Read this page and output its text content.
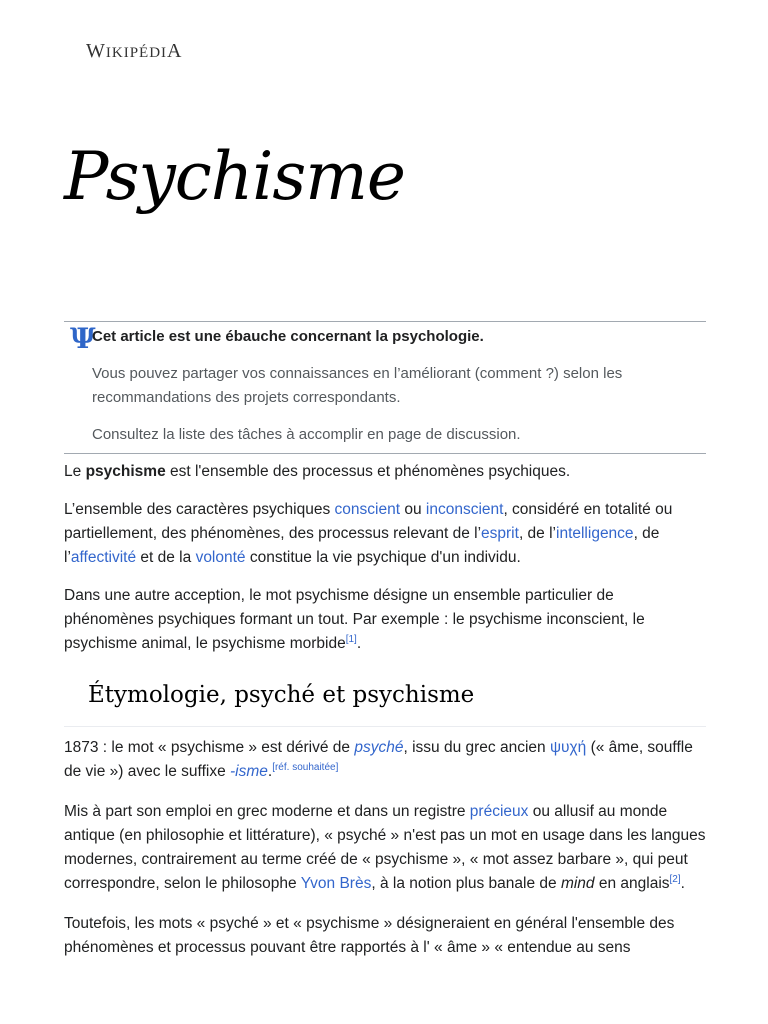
WIKIPÉDIA
Psychisme
Ψ
Cet article est une ébauche concernant la psychologie.
Vous pouvez partager vos connaissances en l’améliorant (comment ?) selon les recommandations des projets correspondants.
Consultez la liste des tâches à accomplir en page de discussion.

Le psychisme est l'ensemble des processus et phénomènes psychiques.

L’ensemble des caractères psychiques conscient ou inconscient, considéré en totalité ou partiellement, des phénomènes, des processus relevant de l’esprit, de l’intelligence, de l’affectivité et de la volonté constitue la vie psychique d'un individu.

Dans une autre acception, le mot psychisme désigne un ensemble particulier de phénomènes psychiques formant un tout. Par exemple : le psychisme inconscient, le psychisme animal, le psychisme morbide[1].

Étymologie, psyché et psychisme

1873 : le mot « psychisme » est dérivé de psyché, issu du grec ancien ψυχή (« âme, souffle de vie ») avec le suffixe -isme.[réf. souhaitée]

Mis à part son emploi en grec moderne et dans un registre précieux ou allusif au monde antique (en philosophie et littérature), « psyché » n'est pas un mot en usage dans les langues modernes, contrairement au terme créé de « psychisme », « mot assez barbare », qui peut correspondre, selon le philosophe Yvon Brès, à la notion plus banale de mind en anglais[2].

Toutefois, les mots « psyché » et « psychisme » désigneraient en général l'ensemble des phénomènes et processus pouvant être rapportés à l' « âme » « entendue au sens
